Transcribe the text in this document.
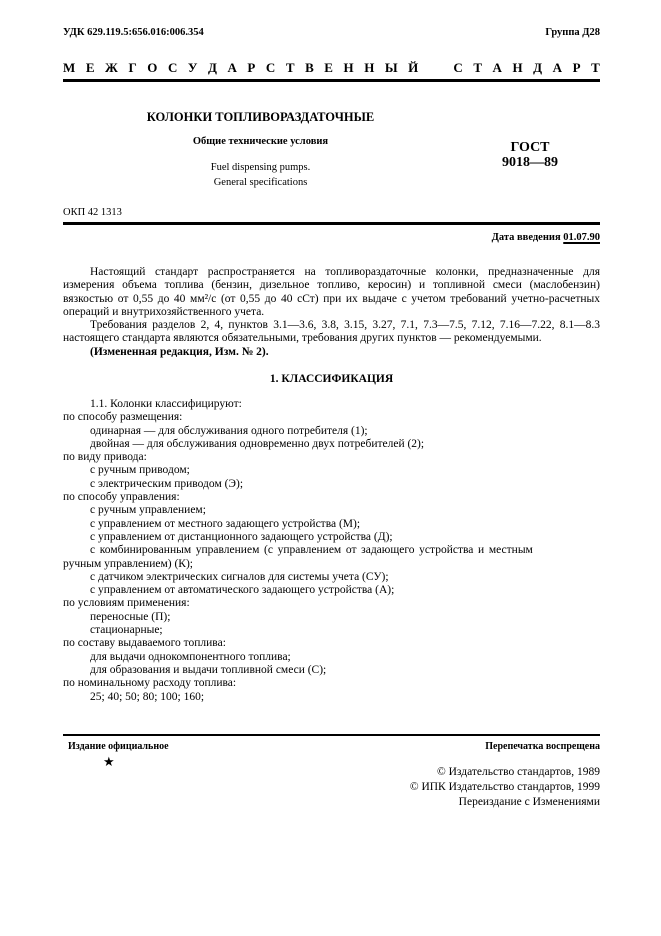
УДК 629.119.5:656.016:006.354	Группа Д28
М Е Ж Г О С У Д А Р С Т В Е Н Н Ы Й	С Т А Н Д А Р Т
КОЛОНКИ ТОПЛИВОРАЗДАТОЧНЫЕ
Общие технические условия
Fuel dispensing pumps.
General specifications
ГОСТ
9018—89
ОКП 42 1313
Дата введения 01.07.90
Настоящий стандарт распространяется на топливораздаточные колонки, предназначенные для измерения объема топлива (бензин, дизельное топливо, керосин) и топливной смеси (маслобензин) вязкостью от 0,55 до 40 мм²/с (от 0,55 до 40 сСт) при их выдаче с учетом требований учетно-расчетных операций и внутрихозяйственного учета.
Требования разделов 2, 4, пунктов 3.1—3.6, 3.8, 3.15, 3.27, 7.1, 7.3—7.5, 7.12, 7.16—7.22, 8.1—8.3 настоящего стандарта являются обязательными, требования других пунктов — рекомендуемыми.
(Измененная редакция, Изм. № 2).
1. КЛАССИФИКАЦИЯ
1.1. Колонки классифицируют:
по способу размещения:
одинарная — для обслуживания одного потребителя (1);
двойная — для обслуживания одновременно двух потребителей (2);
по виду привода:
с ручным приводом;
с электрическим приводом (Э);
по способу управления:
с ручным управлением;
с управлением от местного задающего устройства (М);
с управлением от дистанционного задающего устройства (Д);
с комбинированным управлением (с управлением от задающего устройства и местным
ручным управлением) (К);
с датчиком электрических сигналов для системы учета (СУ);
с управлением от автоматического задающего устройства (А);
по условиям применения:
переносные (П);
стационарные;
по составу выдаваемого топлива:
для выдачи однокомпонентного топлива;
для образования и выдачи топливной смеси (С);
по номинальному расходу топлива:
25; 40; 50; 80; 100; 160;
Издание официальное
★
Перепечатка воспрещена
© Издательство стандартов, 1989
© ИПК Издательство стандартов, 1999
Переиздание с Изменениями
